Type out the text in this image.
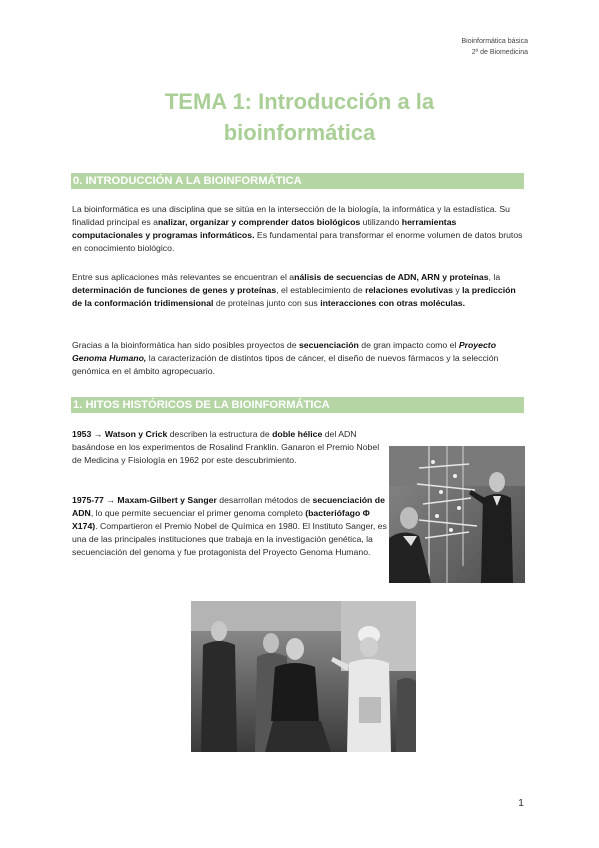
Bioinformática básica
2º de Biomedicina
TEMA 1: Introducción a la
bioinformática
0. INTRODUCCIÓN A LA BIOINFORMÁTICA

La bioinformática es una disciplina que se sitúa en la intersección de la biología, la informática y la estadística. Su finalidad principal es analizar, organizar y comprender datos biológicos utilizando herramientas computacionales y programas informáticos. Es fundamental para transformar el enorme volumen de datos brutos en conocimiento biológico.

Entre sus aplicaciones más relevantes se encuentran el análisis de secuencias de ADN, ARN y proteínas, la determinación de funciones de genes y proteínas, el establecimiento de relaciones evolutivas y la predicción de la conformación tridimensional de proteínas junto con sus interacciones con otras moléculas.

Gracias a la bioinformática han sido posibles proyectos de secuenciación de gran impacto como el Proyecto Genoma Humano, la caracterización de distintos tipos de cáncer, el diseño de nuevos fármacos y la selección genómica en el ámbito agropecuario.

1. HITOS HISTÓRICOS DE LA BIOINFORMÁTICA

1953 → Watson y Crick describen la estructura de doble hélice del ADN basándose en los experimentos de Rosalind Franklin. Ganaron el Premio Nobel de Medicina y Fisiología en 1962 por este descubrimiento.

1975-77 → Maxam-Gilbert y Sanger desarrollan métodos de secuenciación de ADN, lo que permite secuenciar el primer genoma completo (bacteriófago Φ X174). Compartieron el Premio Nobel de Química en 1980. El Instituto Sanger, es una de las principales instituciones que trabaja en la investigación genética, la secuenciación del genoma y fue protagonista del Proyecto Genoma Humano.

1
